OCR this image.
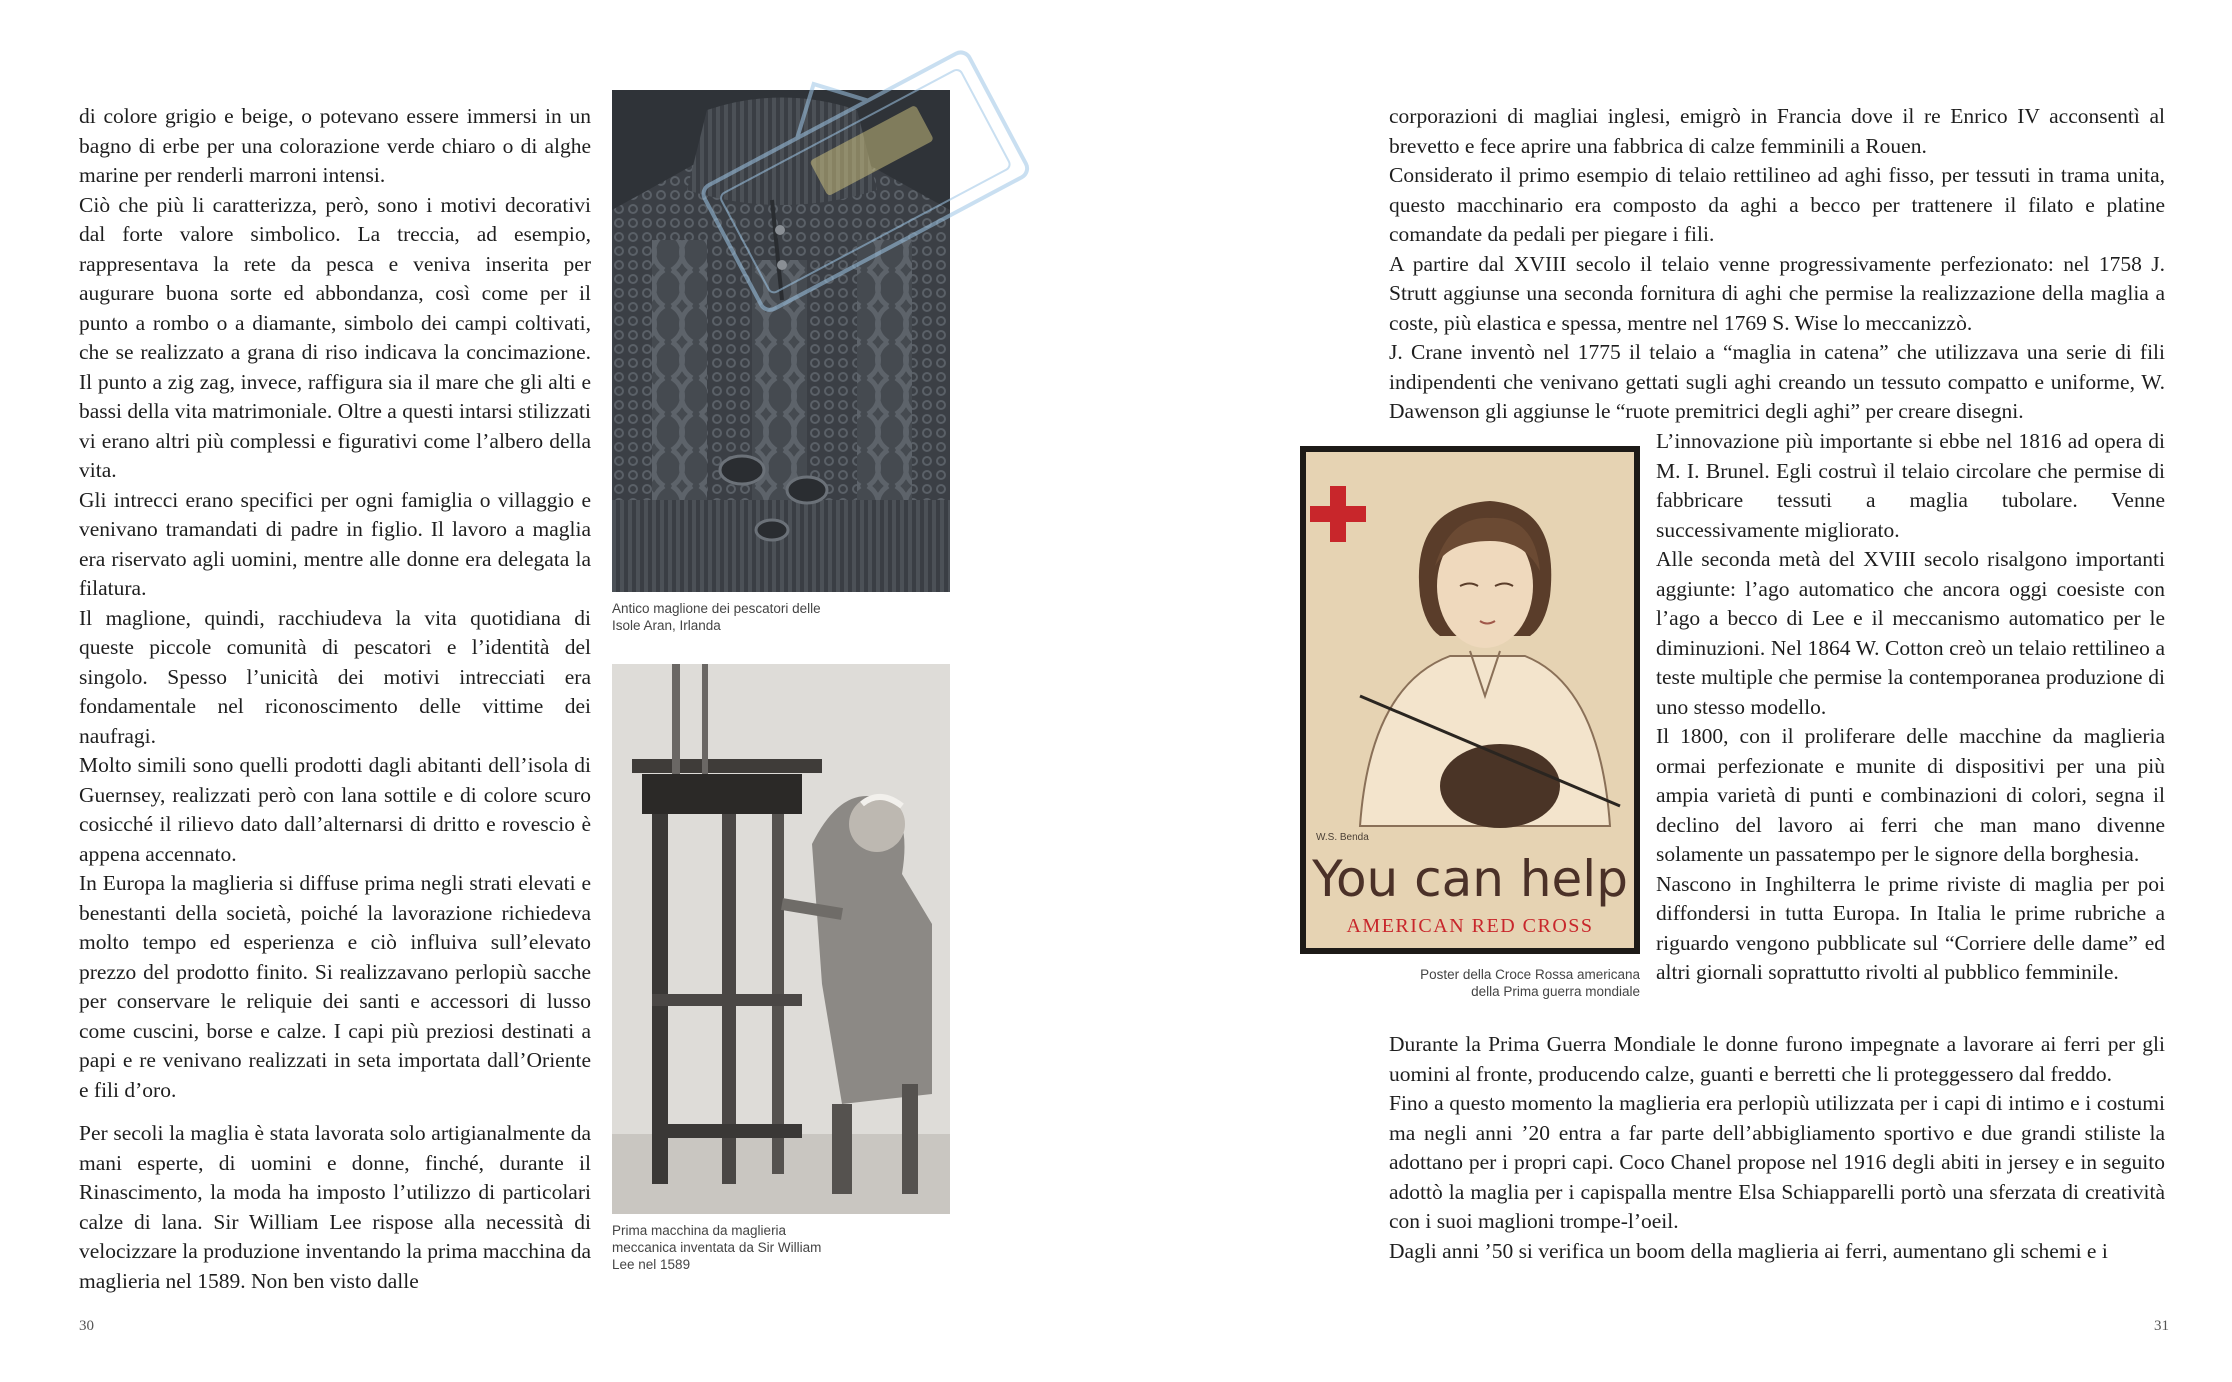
di colore grigio e beige, o potevano essere immersi in un bagno di erbe per una colorazione verde chiaro o di alghe marine per renderli marroni intensi.

Ciò che più li caratterizza, però, sono i motivi decorativi dal forte valore simbolico. La treccia, ad esempio, rappresentava la rete da pesca e veniva inserita per augurare buona sorte ed abbondanza, così come per il punto a rombo o a diamante, simbolo dei campi coltivati, che se realizzato a grana di riso indicava la concimazione. Il punto a zig zag, invece, raffigura sia il mare che gli alti e bassi della vita matrimoniale. Oltre a questi intarsi stilizzati vi erano altri più complessi e figurativi come l’albero della vita.

Gli intrecci erano specifici per ogni famiglia o villaggio e venivano tramandati di padre in figlio. Il lavoro a maglia era riservato agli uomini, mentre alle donne era delegata la filatura.

Il maglione, quindi, racchiudeva la vita quotidiana di queste piccole comunità di pescatori e l’identità del singolo. Spesso l’unicità dei motivi intrecciati era fondamentale nel riconoscimento delle vittime dei naufragi.

Molto simili sono quelli prodotti dagli abitanti dell’isola di Guernsey, realizzati però con lana sottile e di colore scuro cosicché il rilievo dato dall’alternarsi di dritto e rovescio è appena accennato.

In Europa la maglieria si diffuse prima negli strati elevati e benestanti della società, poiché la lavorazione richiedeva molto tempo ed esperienza e ciò influiva sull’elevato prezzo del prodotto finito. Si realizzavano perlopiù sacche per conservare le reliquie dei santi e accessori di lusso come cuscini, borse e calze. I capi più preziosi destinati a papi e re venivano realizzati in seta importata dall’Oriente e fili d’oro.

Per secoli la maglia è stata lavorata solo artigianalmente da mani esperte, di uomini e donne, finché, durante il Rinascimento, la moda ha imposto l’utilizzo di particolari calze di lana. Sir William Lee rispose alla necessità di velocizzare la produzione inventando la prima macchina da maglieria nel 1589. Non ben visto dalle

Antico maglione dei pescatori delle
Isole Aran, Irlanda
Prima macchina da maglieria
meccanica inventata da Sir William
Lee nel 1589
30

corporazioni di magliai inglesi, emigrò in Francia dove il re Enrico IV acconsentì al brevetto e fece aprire una fabbrica di calze femminili a Rouen.

Considerato il primo esempio di telaio rettilineo ad aghi fisso, per tessuti in trama unita, questo macchinario era composto da aghi a becco per trattenere il filato e platine comandate da pedali per piegare i fili.

A partire dal XVIII secolo il telaio venne progressivamente perfezionato: nel 1758 J. Strutt aggiunse una seconda fornitura di aghi che permise la realizzazione della maglia a coste, più elastica e spessa, mentre nel 1769 S. Wise lo meccanizzò.

J. Crane inventò nel 1775 il telaio a “maglia in catena” che utilizzava una serie di fili indipendenti che venivano gettati sugli aghi creando un tessuto compatto e uniforme, W. Dawenson gli aggiunse le “ruote premitrici degli aghi” per creare disegni.

L’innovazione più importante si ebbe nel 1816 ad opera di M. I. Brunel. Egli costruì il telaio circolare che permise di fabbricare tessuti a maglia tubolare. Venne successivamente migliorato.

Alle seconda metà del XVIII secolo risalgono importanti aggiunte: l’ago automatico che ancora oggi coesiste con l’ago a becco di Lee e il meccanismo automatico per le diminuzioni. Nel 1864 W. Cotton creò un telaio rettilineo a teste multiple che permise la contemporanea produzione di uno stesso modello.

Il 1800, con il proliferare delle macchine da maglieria ormai perfezionate e munite di dispositivi per una più ampia varietà di punti e combinazioni di colori, segna il declino del lavoro ai ferri che man mano divenne solamente un passatempo per le signore della borghesia.

Nascono in Inghilterra le prime riviste di maglia per poi diffondersi in tutta Europa. In Italia le prime rubriche a riguardo vengono pubblicate sul “Corriere delle dame” ed altri giornali soprattutto rivolti al pubblico femminile.

W.S. Benda
You can help
AMERICAN RED CROSS
Poster della Croce Rossa americana
della Prima guerra mondiale

Durante la Prima Guerra Mondiale le donne furono impegnate a lavorare ai ferri per gli uomini al fronte, producendo calze, guanti e berretti che li proteggessero dal freddo.

Fino a questo momento la maglieria era perlopiù utilizzata per i capi di intimo e i costumi ma negli anni ’20 entra a far parte dell’abbigliamento sportivo e due grandi stiliste la adottano per i propri capi. Coco Chanel propose nel 1916 degli abiti in jersey e in seguito adottò la maglia per i capispalla mentre Elsa Schiapparelli portò una sferzata di creatività con i suoi maglioni trompe-l’oeil.

Dagli anni ’50 si verifica un boom della maglieria ai ferri, aumentano gli schemi e i

31
